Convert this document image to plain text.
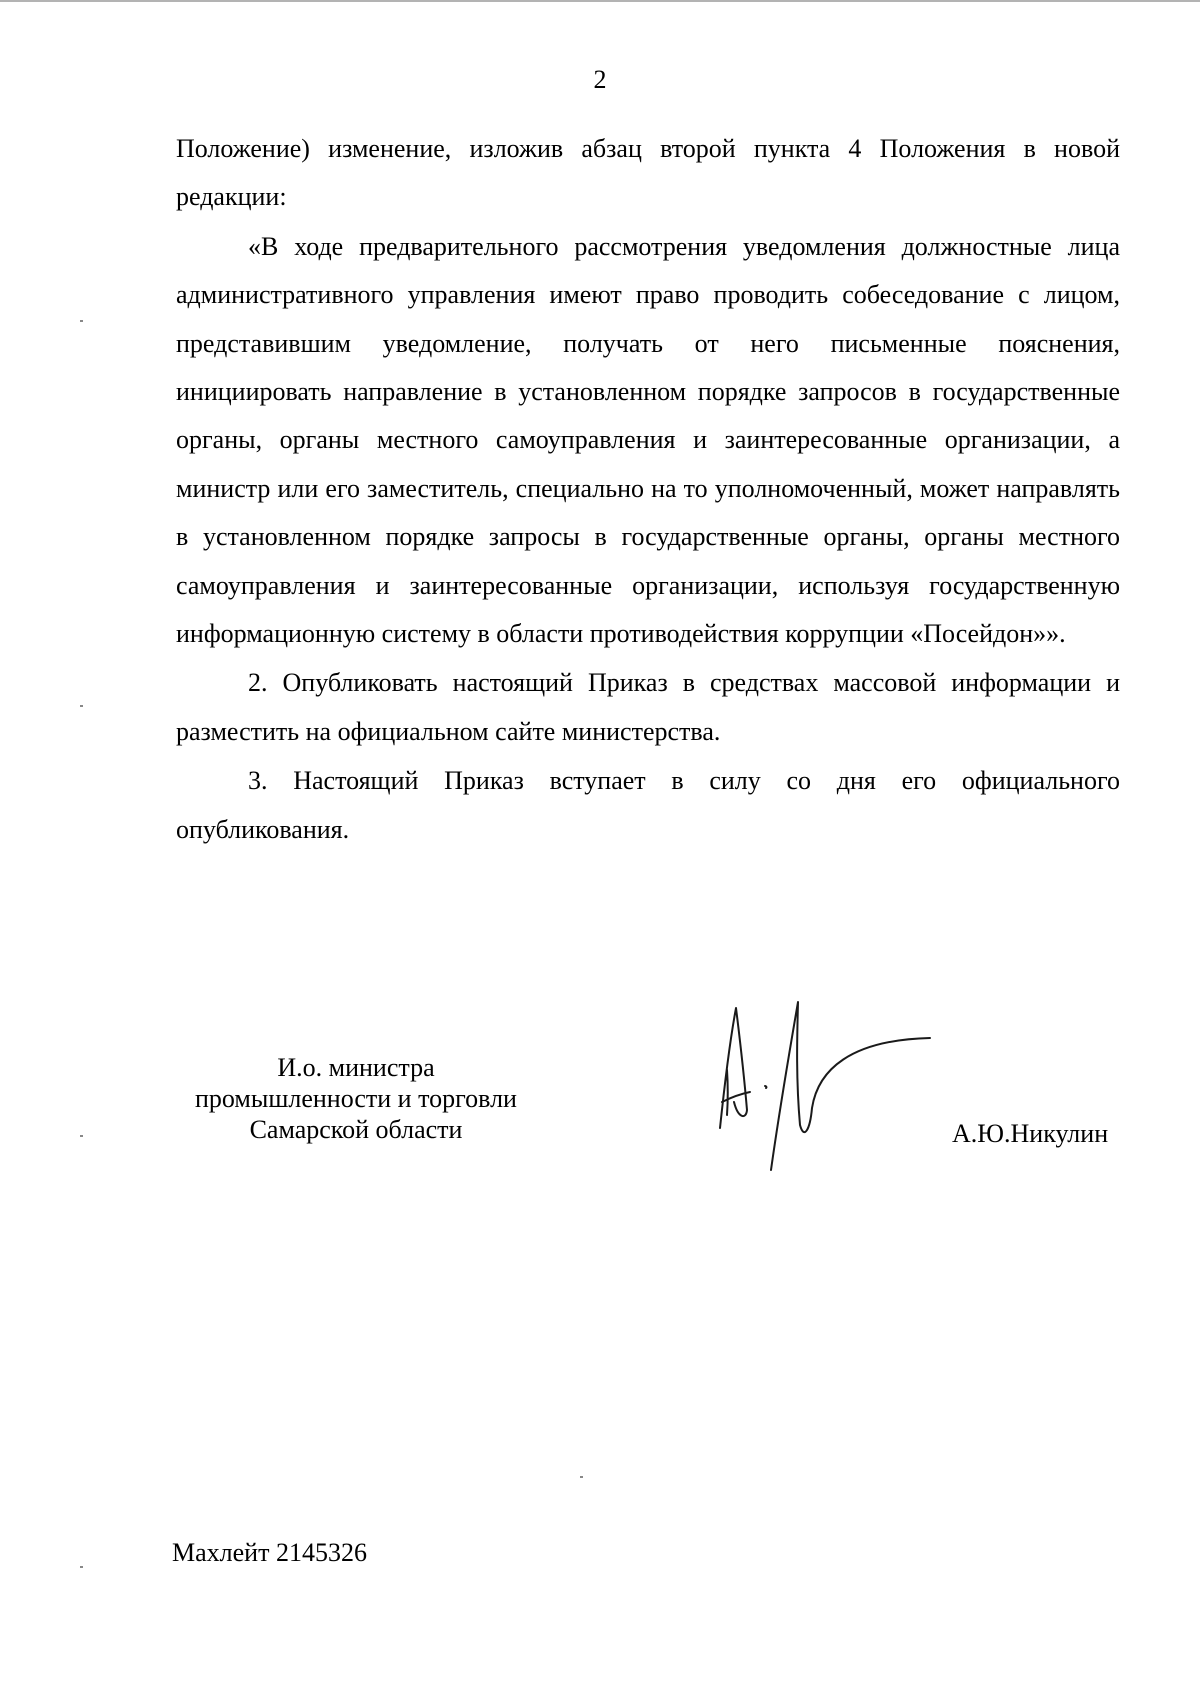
2

Положение) изменение, изложив абзац второй пункта 4 Положения в новой редакции:

«В ходе предварительного рассмотрения уведомления должностные лица административного управления имеют право проводить собеседование с лицом, представившим уведомление, получать от него письменные пояснения, инициировать направление в установленном порядке запросов в государственные органы, органы местного самоуправления и заинтересованные организации, а министр или его заместитель, специально на то уполномоченный, может направлять в установленном порядке запросы в государственные органы, органы местного самоуправления и заинтересованные организации, используя государственную информационную систему в области противодействия коррупции «Посейдон»».

2. Опубликовать настоящий Приказ в средствах массовой информации и разместить на официальном сайте министерства.

3. Настоящий Приказ вступает в силу со дня его официального опубликования.

И.о. министра
промышленности и торговли
Самарской области	А.Ю.Никулин
Махлейт 2145326
